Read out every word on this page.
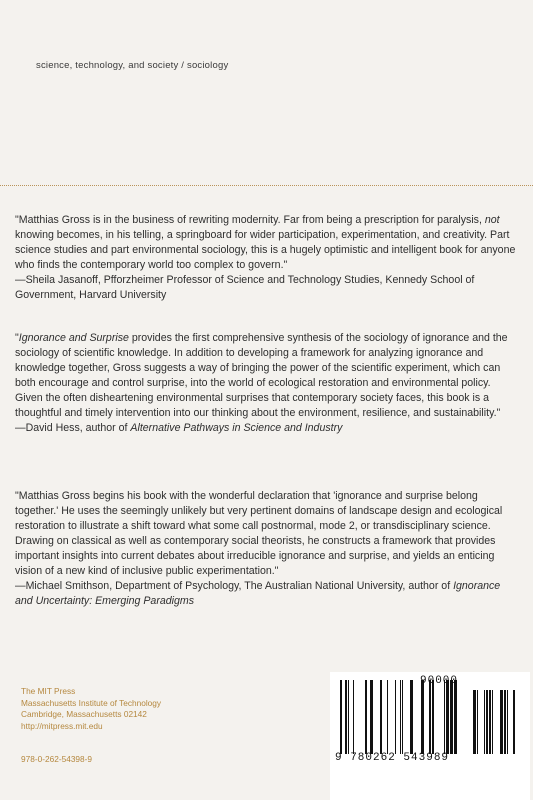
science, technology, and society / sociology

"Matthias Gross is in the business of rewriting modernity. Far from being a prescription for paralysis, not knowing becomes, in his telling, a springboard for wider participation, experimentation, and creativity. Part science studies and part environmental sociology, this is a hugely optimistic and intelligent book for anyone who finds the contemporary world too complex to govern."

—Sheila Jasanoff, Pfforzheimer Professor of Science and Technology Studies, Kennedy School of Government, Harvard University

"Ignorance and Surprise provides the first comprehensive synthesis of the sociology of ignorance and the sociology of scientific knowledge. In addition to developing a framework for analyzing ignorance and knowledge together, Gross suggests a way of bringing the power of the scientific experiment, which can both encourage and control surprise, into the world of ecological restoration and environmental policy. Given the often disheartening environmental surprises that contemporary society faces, this book is a thoughtful and timely intervention into our thinking about the environment, resilience, and sustainability."

—David Hess, author of Alternative Pathways in Science and Industry

"Matthias Gross begins his book with the wonderful declaration that 'ignorance and surprise belong together.' He uses the seemingly unlikely but very pertinent domains of landscape design and ecological restoration to illustrate a shift toward what some call postnormal, mode 2, or transdisciplinary science. Drawing on classical as well as contemporary social theorists, he constructs a framework that provides important insights into current debates about irreducible ignorance and surprise, and yields an enticing vision of a new kind of inclusive public experimentation."

—Michael Smithson, Department of Psychology, The Australian National University, author of Ignorance and Uncertainty: Emerging Paradigms

The MIT Press
Massachusetts Institute of Technology
Cambridge, Massachusetts 02142
http://mitpress.mit.edu
978-0-262-54398-9
90000
9 780262 543989
